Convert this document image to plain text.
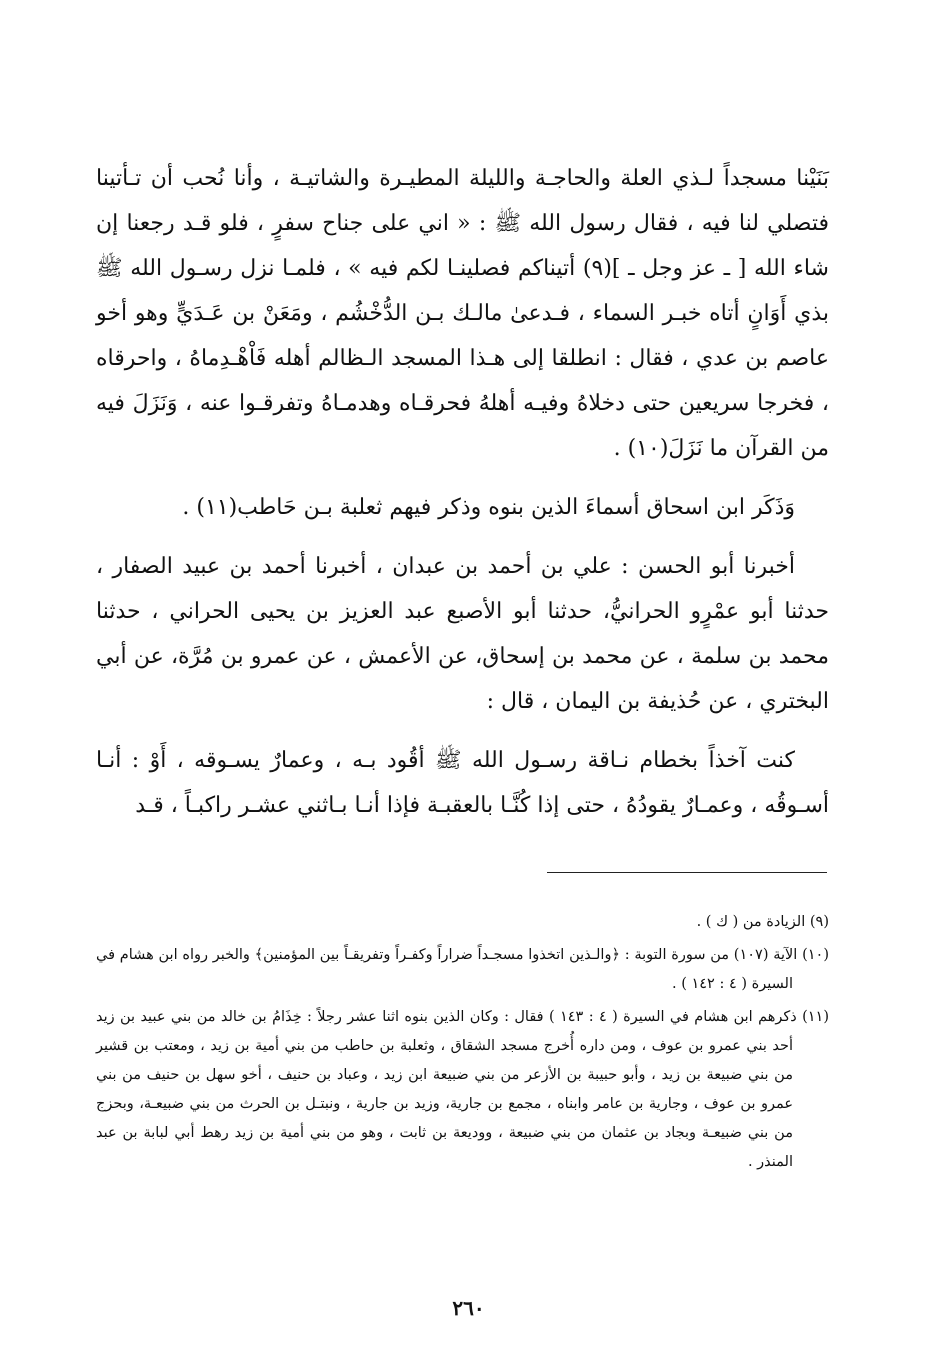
بَنَيْنا مسجداً لـذي العلة والحاجـة والليلة المطيـرة والشاتيـة ، وأنا نُحب أن تـأتينا فتصلي لنا فيه ، فقال رسول الله ﷺ : « اني على جناح سفرٍ ، فلو قـد رجعنا إن شاء الله [ ـ عز وجل ـ ](٩) أتيناكم فصلينـا لكم فيه » ، فلمـا نزل رسـول الله ﷺ بذي أَوَانٍ أتاه خبـر السماء ، فـدعىٰ مالـك بـن الدُّخْشُم ، ومَعَنْ بن عَـدَيٍّ وهو أخو عاصم بن عدي ، فقال : انطلقا إلى هـذا المسجد الـظالم أهله فَاْهْـدِماهُ ، واحرقاه ، فخرجا سريعين حتى دخلاهُ وفيـه أهلهُ فحرقـاه وهدمـاهُ وتفرقـوا عنه ، وَنَزَلَ فيه من القرآن ما نَزَلَ(١٠) .

وَذَكَر ابن اسحاق أسماءَ الذين بنوه وذكر فيهم ثعلبة بـن حَاطب(١١) .

أخبرنا أبو الحسن : علي بن أحمد بن عبدان ، أخبرنا أحمد بن عبيد الصفار ، حدثنا أبو عمْرٍو الحرانيُّ، حدثنا أبو الأصبع عبد العزيز بن يحيى الحراني ، حدثنا محمد بن سلمة ، عن محمد بن إسحاق، عن الأعمش ، عن عمرو بن مُرَّة، عن أبي البختري ، عن حُذيفة بن اليمان ، قال :

كنت آخذاً بخطام نـاقة رسـول الله ﷺ أقُود بـه ، وعمارٌ يسـوقه ، أَوْ : أنـا أسـوقُه ، وعمـارٌ يقودُهُ ، حتى إذا كُنَّـا بالعقبـة فإذا أنـا بـاثني عشـر راكبـاً ، قـد

(٩) الزيادة من ( ك ) .

(١٠) الآية (١٠٧) من سورة التوبة : ﴿والـذين اتخذوا مسجـداً ضراراً وكفـراً وتفريقـاً بين المؤمنين﴾ والخبر رواه ابن هشام في السيرة ( ٤ : ١٤٢ ) .

(١١) ذكرهم ابن هشام في السيرة ( ٤ : ١٤٣ ) فقال : وكان الذين بنوه اثنا عشر رجلاً : خِذَامُ بن خالد من بني عبيد بن زيد أحد بني عمرو بن عوف ، ومن داره أُخرج مسجد الشقاق ، وثعلبة بن حاطب من بني أمية بن زيد ، ومعتب بن قشير من بني ضبيعة بن زيد ، وأبو حبيبة بن الأزعر من بني ضبيعة ابن زيد ، وعباد بن حنيف ، أخو سهل بن حنيف من بني عمرو بن عوف ، وجارية بن عامر وابناه ، مجمع بن جارية، وزيد بن جارية ، ونبتـل بن الحرث من بني ضبيعـة، وبحزج من بني ضبيعـة وبجاد بن عثمان من بني ضبيعة ، ووديعة بن ثابت ، وهو من بني أمية بن زيد رهط أبي لبابة بن عبد المنذر .

٢٦٠
